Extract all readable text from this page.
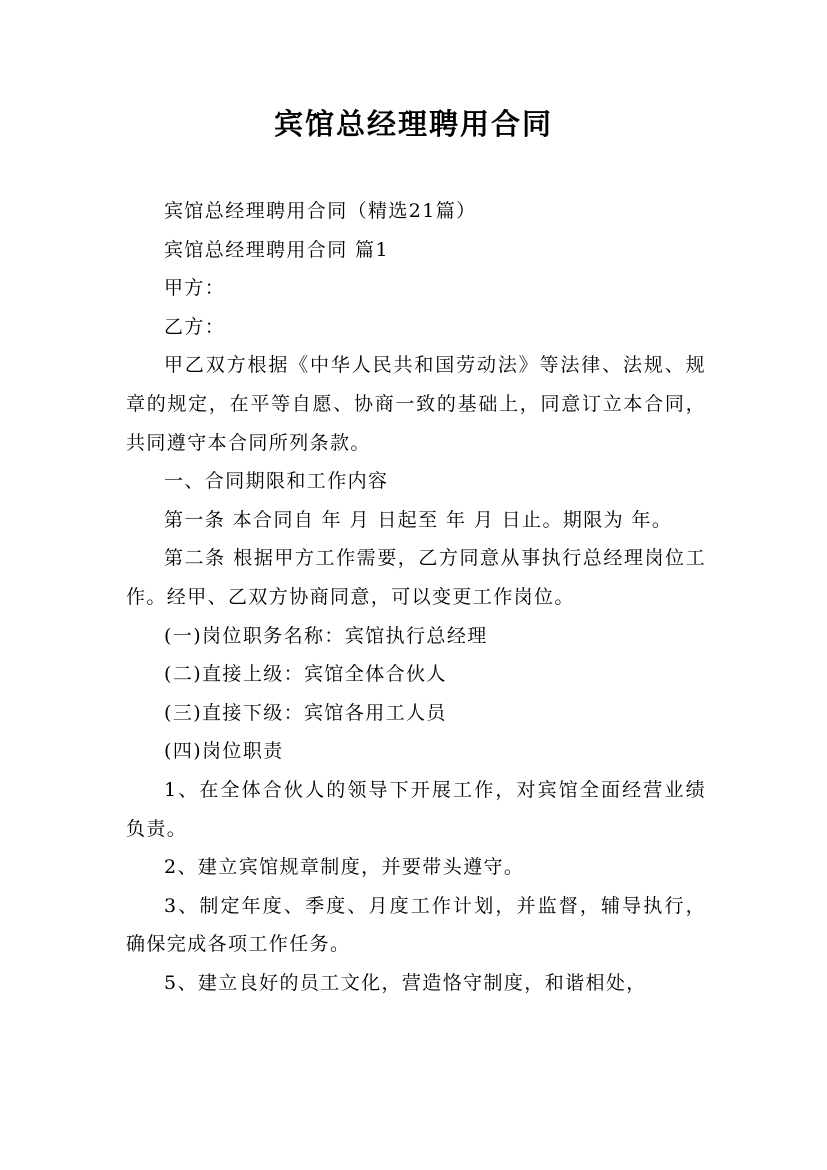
宾馆总经理聘用合同

宾馆总经理聘用合同（精选21篇）

宾馆总经理聘用合同 篇1

甲方：

乙方：

甲乙双方根据《中华人民共和国劳动法》等法律、法规、规章的规定，在平等自愿、协商一致的基础上，同意订立本合同，共同遵守本合同所列条款。

一、合同期限和工作内容

第一条 本合同自 年 月 日起至 年 月 日止。期限为 年。

第二条 根据甲方工作需要，乙方同意从事执行总经理岗位工作。经甲、乙双方协商同意，可以变更工作岗位。

(一)岗位职务名称：宾馆执行总经理

(二)直接上级：宾馆全体合伙人

(三)直接下级：宾馆各用工人员

(四)岗位职责

1、在全体合伙人的领导下开展工作，对宾馆全面经营业绩负责。

2、建立宾馆规章制度，并要带头遵守。

3、制定年度、季度、月度工作计划，并监督，辅导执行，确保完成各项工作任务。

5、建立良好的员工文化，营造恪守制度，和谐相处，
